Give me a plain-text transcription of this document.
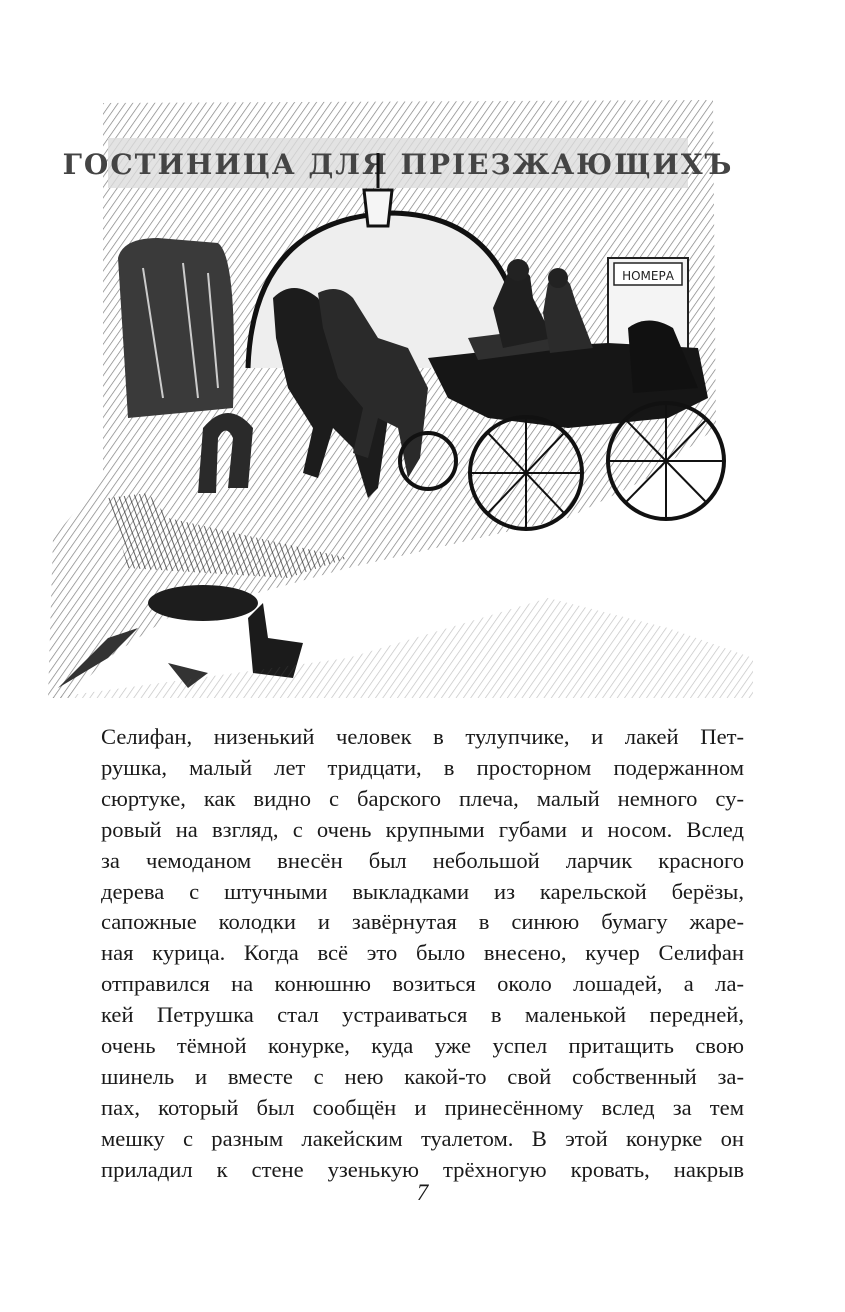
ГОСТИНИЦА ДЛЯ ПРІЕЗЖАЮЩИХЪ
НОМЕРА
Селифан, низенький человек в тулупчике, и лакей Пет-
рушка, малый лет тридцати, в просторном подержанном
сюртуке, как видно с барского плеча, малый немного су-
ровый на взгляд, с очень крупными губами и носом. Вслед
за чемоданом внесён был небольшой ларчик красного
дерева с штучными выкладками из карельской берёзы,
сапожные колодки и завёрнутая в синюю бумагу жаре-
ная курица. Когда всё это было внесено, кучер Селифан
отправился на конюшню возиться около лошадей, а ла-
кей Петрушка стал устраиваться в маленькой передней,
очень тёмной конурке, куда уже успел притащить свою
шинель и вместе с нею какой-то свой собственный за-
пах, который был сообщён и принесённому вслед за тем
мешку с разным лакейским туалетом. В этой конурке он
приладил к стене узенькую трёхногую кровать, накрыв
7
